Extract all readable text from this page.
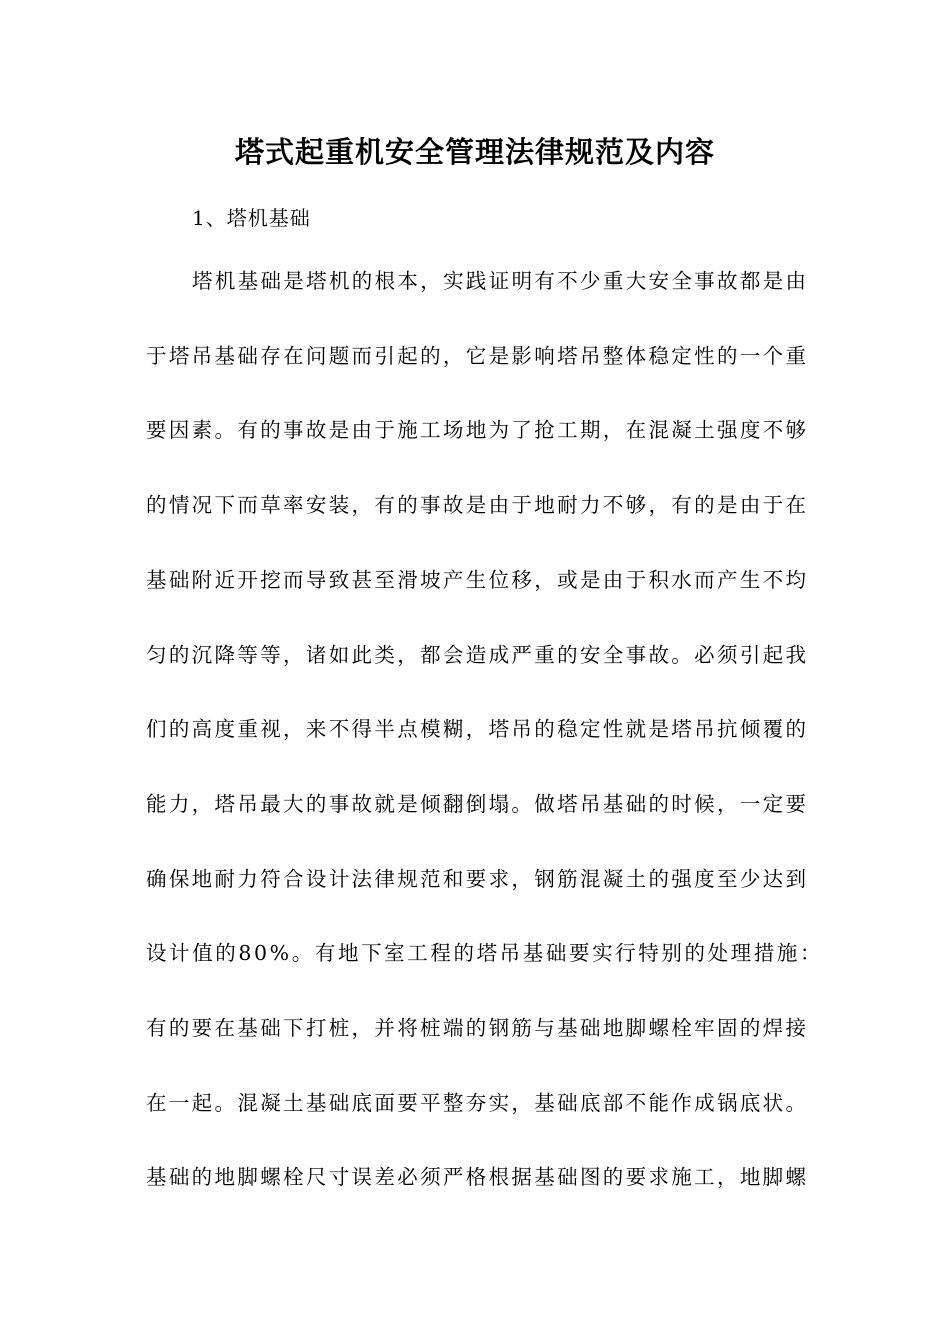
塔式起重机安全管理法律规范及内容
1、塔机基础
塔机基础是塔机的根本，实践证明有不少重大安全事故都是由
于塔吊基础存在问题而引起的，它是影响塔吊整体稳定性的一个重
要因素。有的事故是由于施工场地为了抢工期，在混凝土强度不够
的情况下而草率安装，有的事故是由于地耐力不够，有的是由于在
基础附近开挖而导致甚至滑坡产生位移，或是由于积水而产生不均
匀的沉降等等，诸如此类，都会造成严重的安全事故。必须引起我
们的高度重视，来不得半点模糊，塔吊的稳定性就是塔吊抗倾覆的
能力，塔吊最大的事故就是倾翻倒塌。做塔吊基础的时候，一定要
确保地耐力符合设计法律规范和要求，钢筋混凝土的强度至少达到
设计值的80%。有地下室工程的塔吊基础要实行特别的处理措施：
有的要在基础下打桩，并将桩端的钢筋与基础地脚螺栓牢固的焊接
在一起。混凝土基础底面要平整夯实，基础底部不能作成锅底状。
基础的地脚螺栓尺寸误差必须严格根据基础图的要求施工，地脚螺
